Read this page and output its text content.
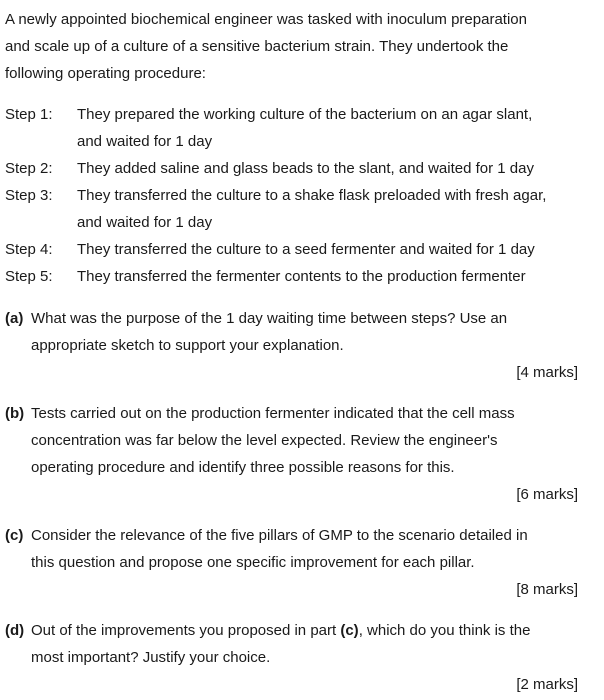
A newly appointed biochemical engineer was tasked with inoculum preparation
and scale up of a culture of a sensitive bacterium strain. They undertook the
following operating procedure:
Step 1: They prepared the working culture of the bacterium on an agar slant,
and waited for 1 day
Step 2: They added saline and glass beads to the slant, and waited for 1 day
Step 3: They transferred the culture to a shake flask preloaded with fresh agar,
and waited for 1 day
Step 4: They transferred the culture to a seed fermenter and waited for 1 day
Step 5: They transferred the fermenter contents to the production fermenter
(a) What was the purpose of the 1 day waiting time between steps? Use an
appropriate sketch to support your explanation.
[4 marks]
(b) Tests carried out on the production fermenter indicated that the cell mass
concentration was far below the level expected. Review the engineer's
operating procedure and identify three possible reasons for this.
[6 marks]
(c) Consider the relevance of the five pillars of GMP to the scenario detailed in
this question and propose one specific improvement for each pillar.
[8 marks]
(d) Out of the improvements you proposed in part (c), which do you think is the
most important? Justify your choice.
[2 marks]
